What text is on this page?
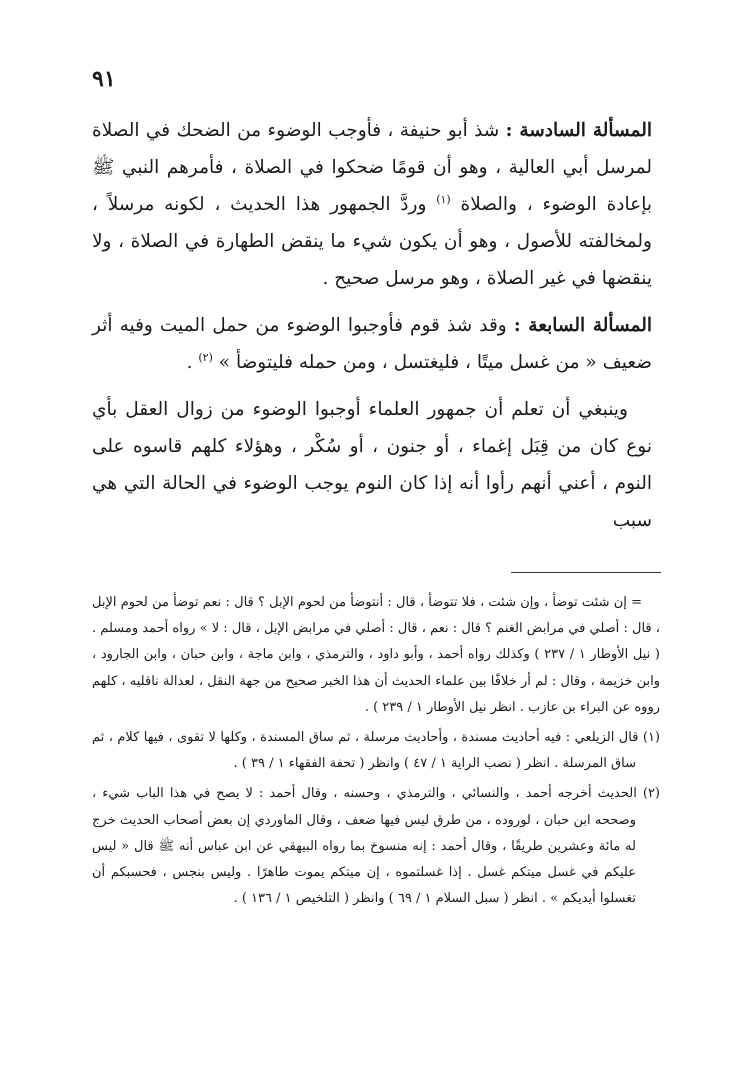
٩١

المسألة السادسة : شذ أبو حنيفة ، فأوجب الوضوء من الضحك في الصلاة لمرسل أبي العالية ، وهو أن قومًا ضحكوا في الصلاة ، فأمرهم النبي ﷺ بإعادة الوضوء ، والصلاة $^{(١)}$ وردَّ الجمهور هذا الحديث ، لكونه مرسلاً ، ولمخالفته للأصول ، وهو أن يكون شيء ما ينقض الطهارة في الصلاة ، ولا ينقضها في غير الصلاة ، وهو مرسل صحيح .

المسألة السابعة : وقد شذ قوم فأوجبوا الوضوء من حمل الميت وفيه أثر ضعيف « من غسل ميتًا ، فليغتسل ، ومن حمله فليتوضأ » $^{(٢)}$ .

وينبغي أن تعلم أن جمهور العلماء أوجبوا الوضوء من زوال العقل بأي نوع كان من قِبَل إغماء ، أو جنون ، أو سُكْر ، وهؤلاء كلهم قاسوه على النوم ، أعني أنهم رأوا أنه إذا كان النوم يوجب الوضوء في الحالة التي هي سبب

= إن شئت توضأ ، وإن شئت ، فلا تتوضأ ، قال : أنتوضأ من لحوم الإبل ؟ قال : نعم توضأ من لحوم الإبل ، قال : أصلي في مرابض الغنم ؟ قال : نعم ، قال : أصلي في مرابض الإبل ، قال : لا » رواه أحمد ومسلم . ( نيل الأوطار ١ / ٢٣٧ ) وكذلك رواه أحمد ، وأبو داود ، والترمذي ، وابن ماجة ، وابن حبان ، وابن الجارود ، وابن خزيمة ، وقال : لم أر خلافًا بين علماء الحديث أن هذا الخبر صحيح من جهة النقل ، لعدالة ناقليه ، كلهم رووه عن البراء بن عازب . انظر نيل الأوطار ١ / ٢٣٩ ) .

(١) قال الزيلعي : فيه أحاديث مسندة ، وأحاديث مرسلة ، ثم ساق المسندة ، وكلها لا تقوى ، فيها كلام ، ثم ساق المرسلة . انظر ( نصب الراية ١ / ٤٧ ) وانظر ( تحفة الفقهاء ١ / ٣٩ ) .

(٢) الحديث أخرجه أحمد ، والنسائي ، والترمذي ، وحسنه ، وقال أحمد : لا يصح في هذا الباب شيء ، وصححه ابن حبان ، لوروده ، من طرق ليس فيها ضعف ، وقال الماوردي إن بعض أصحاب الحديث خرج له مائة وعشرين طريقًا ، وقال أحمد : إنه منسوخ بما رواه البيهقي عن ابن عباس أنه ﷺ قال « ليس عليكم في غسل ميتكم غسل . إذا غسلتموه ، إن ميتكم يموت طاهرًا . وليس بنجس ، فحسبكم أن تغسلوا أيديكم » . انظر ( سبل السلام ١ / ٦٩ ) وانظر ( التلخيص ١ / ١٣٦ ) .
